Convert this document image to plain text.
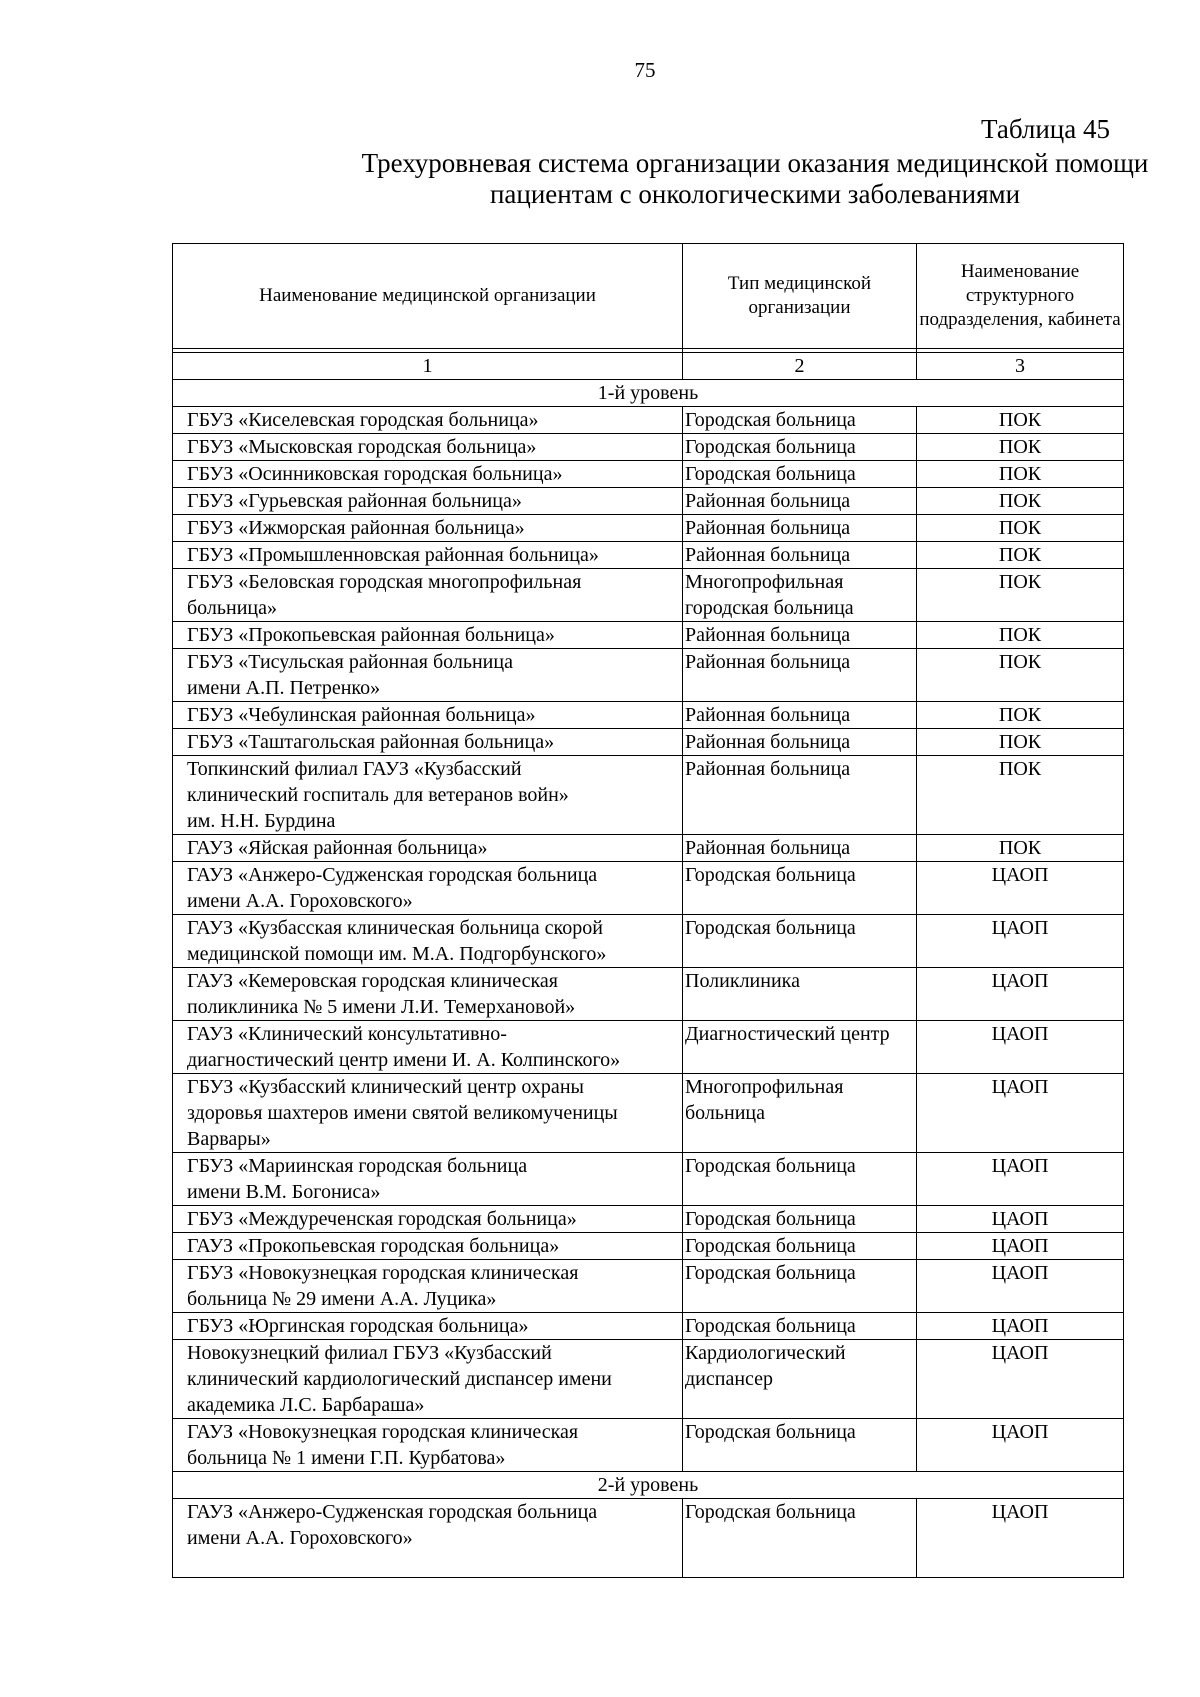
75
Таблица 45
Трехуровневая система организации оказания медицинской помощи
пациентам с онкологическими заболеваниями
Наименование медицинской организации	Тип медицинской организации	Наименование структурного подразделения, кабинета

1	2	3
1-й уровень		

ГБУЗ «Киселевская городская больница»	Городская больница	ПОК

ГБУЗ «Мысковская городская больница»	Городская больница	ПОК

ГБУЗ «Осинниковская городская больница»	Городская больница	ПОК

ГБУЗ «Гурьевская районная больница»	Районная больница	ПОК

ГБУЗ «Ижморская районная больница»	Районная больница	ПОК

ГБУЗ «Промышленновская районная больница»	Районная больница	ПОК

ГБУЗ «Беловская городская многопрофильная
больница»	Многопрофильная
городская больница	ПОК

ГБУЗ «Прокопьевская районная больница»	Районная больница	ПОК

ГБУЗ «Тисульская районная больница
имени А.П. Петренко»	Районная больница	ПОК

ГБУЗ «Чебулинская районная больница»	Районная больница	ПОК

ГБУЗ «Таштагольская районная больница»	Районная больница	ПОК

Топкинский филиал ГАУЗ «Кузбасский
клинический госпиталь для ветеранов войн»
им. Н.Н. Бурдина	Районная больница	ПОК

ГАУЗ «Яйская районная больница»	Районная больница	ПОК

ГАУЗ «Анжеро-Судженская городская больница
имени А.А. Гороховского»	Городская больница	ЦАОП

ГАУЗ «Кузбасская клиническая больница скорой
медицинской помощи им. М.А. Подгорбунского»	Городская больница	ЦАОП

ГАУЗ «Кемеровская городская клиническая
поликлиника № 5 имени Л.И. Темерхановой»	Поликлиника	ЦАОП

ГАУЗ «Клинический консультативно-
диагностический центр имени И. А. Колпинского»	Диагностический центр	ЦАОП

ГБУЗ «Кузбасский клинический центр охраны
здоровья шахтеров имени святой великомученицы
Варвары»	Многопрофильная
больница	ЦАОП

ГБУЗ «Мариинская городская больница
имени В.М. Богониса»	Городская больница	ЦАОП

ГБУЗ «Междуреченская городская больница»	Городская больница	ЦАОП

ГАУЗ «Прокопьевская городская больница»	Городская больница	ЦАОП

ГБУЗ «Новокузнецкая городская клиническая
больница № 29 имени А.А. Луцика»	Городская больница	ЦАОП

ГБУЗ «Юргинская городская больница»	Городская больница	ЦАОП

Новокузнецкий филиал ГБУЗ «Кузбасский
клинический кардиологический диспансер имени
академика Л.С. Барбараша»	Кардиологический
диспансер	ЦАОП

ГАУЗ «Новокузнецкая городская клиническая
больница № 1 имени Г.П. Курбатова»	Городская больница	ЦАОП
2-й уровень		

ГАУЗ «Анжеро-Судженская городская больница
имени А.А. Гороховского»	Городская больница	ЦАОП
